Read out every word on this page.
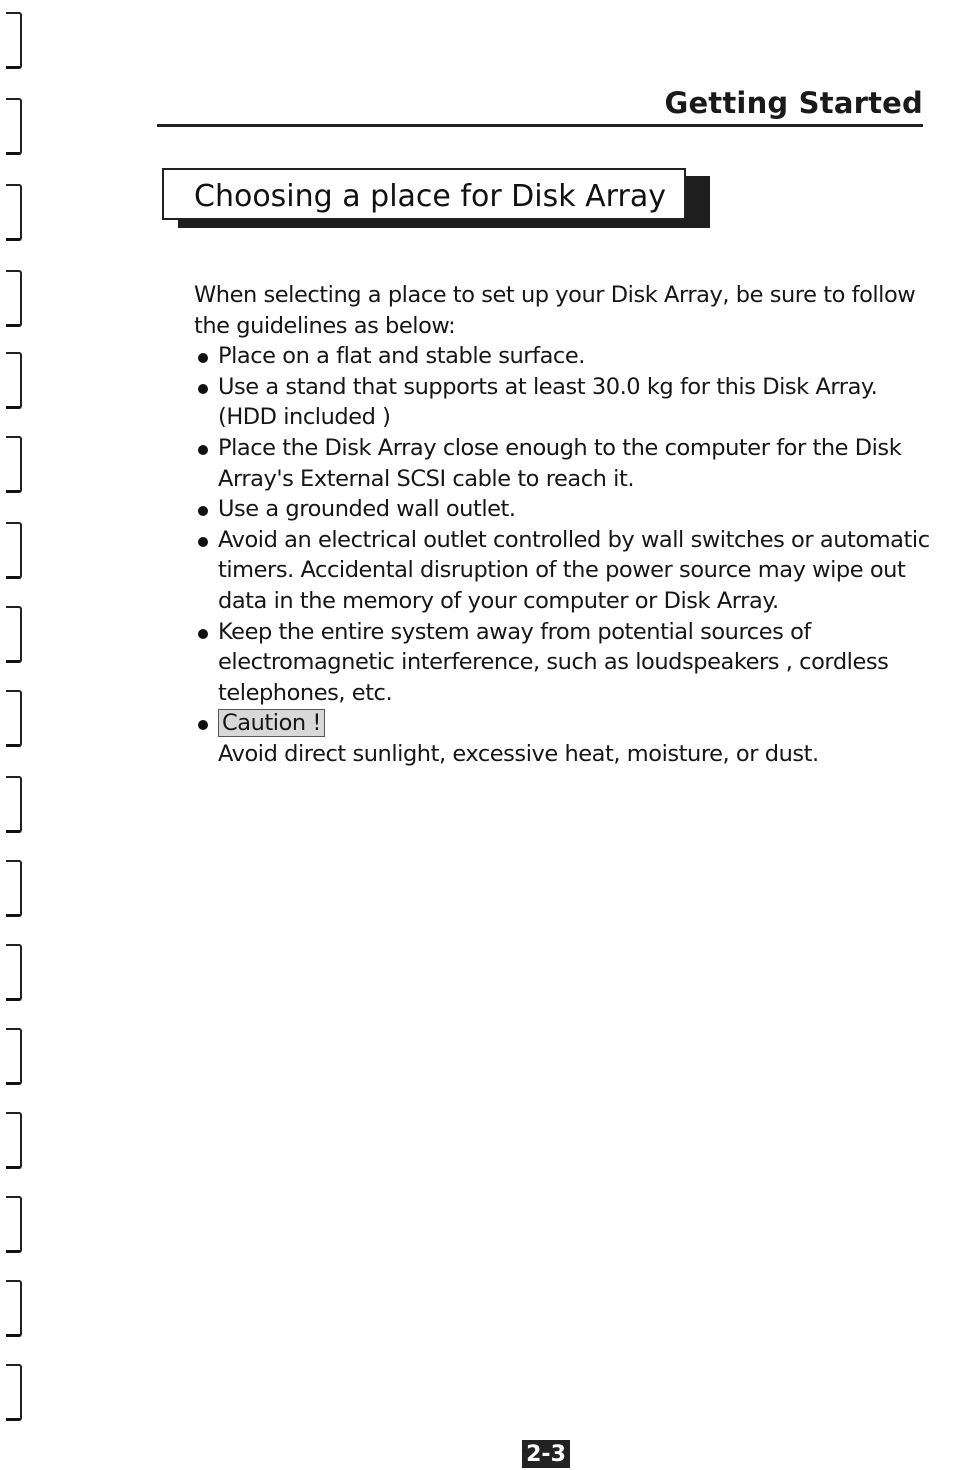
Getting Started
Choosing a place for Disk Array

When selecting a place to set up your Disk Array, be sure to follow the guidelines as below:

Place on a flat and stable surface.
Use a stand that supports at least 30.0 kg for this Disk Array. (HDD included )
Place the Disk Array close enough to the computer for the Disk Array's External SCSI cable to reach it.
Use a grounded wall outlet.
Avoid an electrical outlet controlled by wall switches or automatic timers. Accidental disruption of the power source may wipe out data in the memory of your computer or Disk Array.
Keep the entire system away from potential sources of electromagnetic interference, such as loudspeakers , cordless telephones, etc.
Caution !
Avoid direct sunlight, excessive heat, moisture, or dust.
2-3
